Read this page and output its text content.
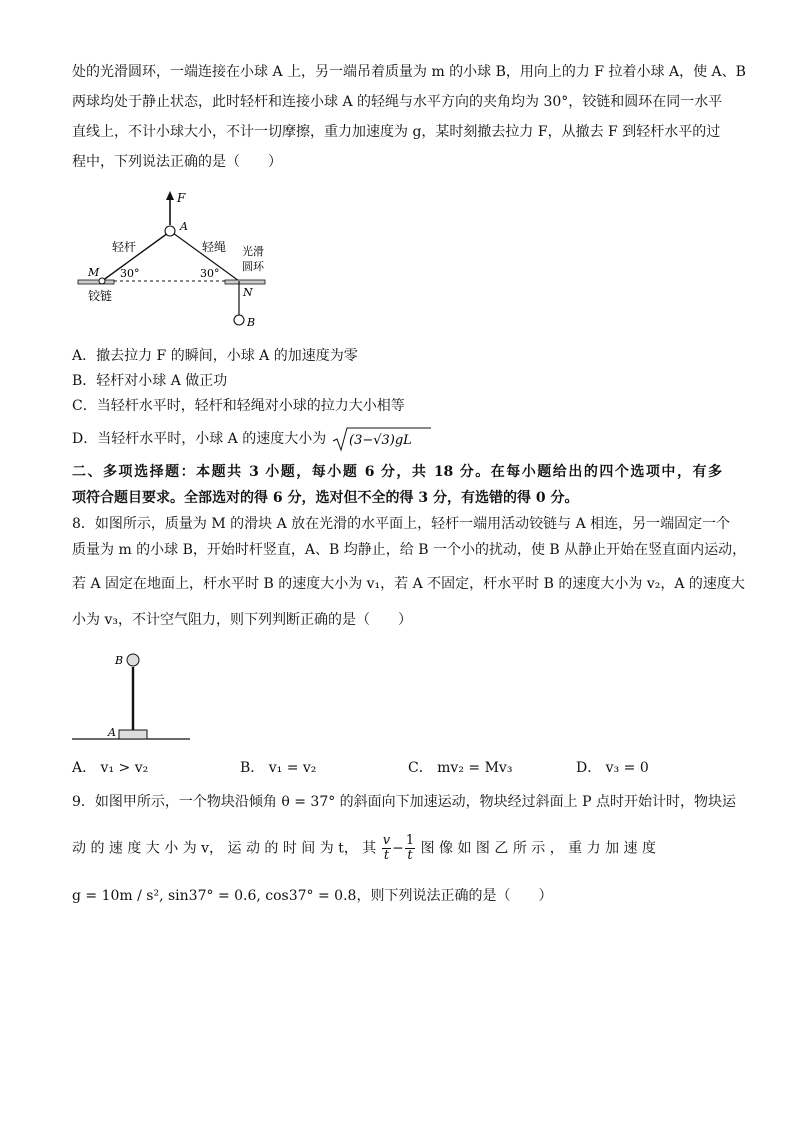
处的光滑圆环，一端连接在小球 A 上，另一端吊着质量为 m 的小球 B，用向上的力 F 拉着小球 A，使 A、B
两球均处于静止状态，此时轻杆和连接小球 A 的轻绳与水平方向的夹角均为 30°，铰链和圆环在同一水平
直线上，不计小球大小，不计一切摩擦，重力加速度为 g，某时刻撤去拉力 F，从撤去 F 到轻杆水平的过
程中，下列说法正确的是（　　）
F
A
B
M
N
轻杆	轻绳 光滑
圆环
铰链
30°	30°
A．撤去拉力 F 的瞬间，小球 A 的加速度为零
B．轻杆对小球 A 做正功
C．当轻杆水平时，轻杆和轻绳对小球的拉力大小相等
D．当轻杆水平时，小球 A 的速度大小为 (3−√3)gL
二、多项选择题：本题共 3 小题，每小题 6 分，共 18 分。在每小题给出的四个选项中，有多
项符合题目要求。全部选对的得 6 分，选对但不全的得 3 分，有选错的得 0 分。
8．如图所示，质量为 M 的滑块 A 放在光滑的水平面上，轻杆一端用活动铰链与 A 相连，另一端固定一个
质量为 m 的小球 B，开始时杆竖直，A、B 均静止，给 B 一个小的扰动，使 B 从静止开始在竖直面内运动，
若 A 固定在地面上，杆水平时 B 的速度大小为 v₁，若 A 不固定，杆水平时 B 的速度大小为 v₂，A 的速度大
小为 v₃，不计空气阻力，则下列判断正确的是（　　）
B
A
A． v₁ > v₂	B． v₁ = v₂	C． mv₂ = Mv₃	D． v₃ = 0
9．如图甲所示，一个物块沿倾角 θ = 37° 的斜面向下加速运动，物块经过斜面上 P 点时开始计时，物块运
动 的 速 度 大 小 为 v， 运 动 的 时 间 为 t， 其 $\frac{v}{t} - \frac{1}{t}$ 图 像 如 图 乙 所 示 ， 重 力 加 速 度
g = 10m / s², sin37° = 0.6, cos37° = 0.8，则下列说法正确的是（　　）
